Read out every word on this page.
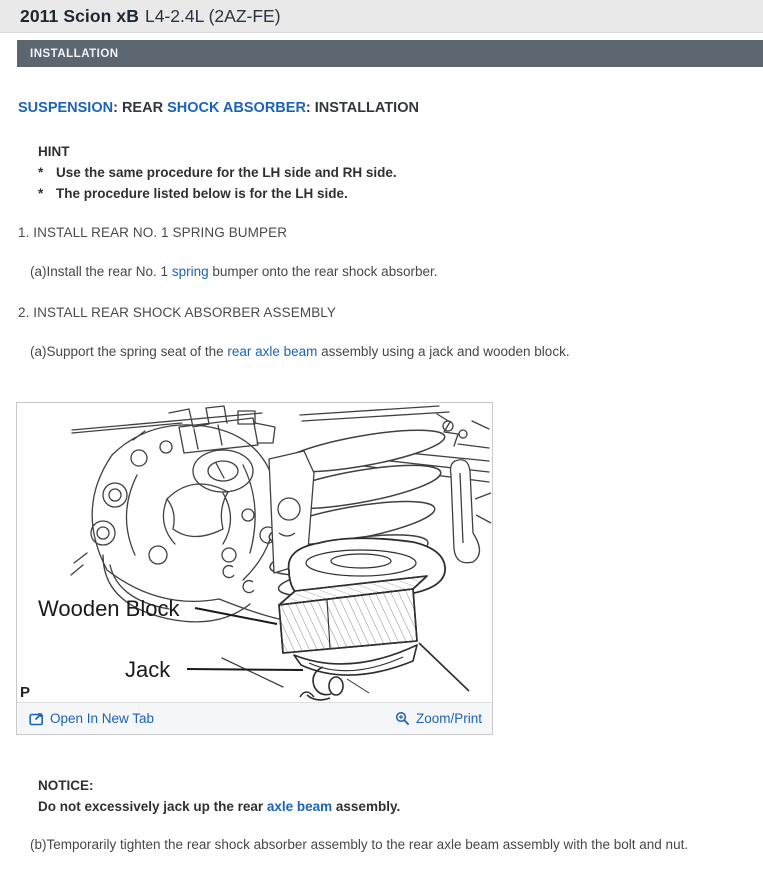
2011 Scion xB L4-2.4L (2AZ-FE)
INSTALLATION
SUSPENSION: REAR SHOCK ABSORBER: INSTALLATION
HINT
* Use the same procedure for the LH side and RH side.
* The procedure listed below is for the LH side.
1. INSTALL REAR NO. 1 SPRING BUMPER
(a)Install the rear No. 1 spring bumper onto the rear shock absorber.
2. INSTALL REAR SHOCK ABSORBER ASSEMBLY
(a)Support the spring seat of the rear axle beam assembly using a jack and wooden block.
Wooden Block
Jack
P
Open In New Tab	Zoom/Print
NOTICE:
Do not excessively jack up the rear axle beam assembly.
(b)Temporarily tighten the rear shock absorber assembly to the rear axle beam assembly with the bolt and nut.
